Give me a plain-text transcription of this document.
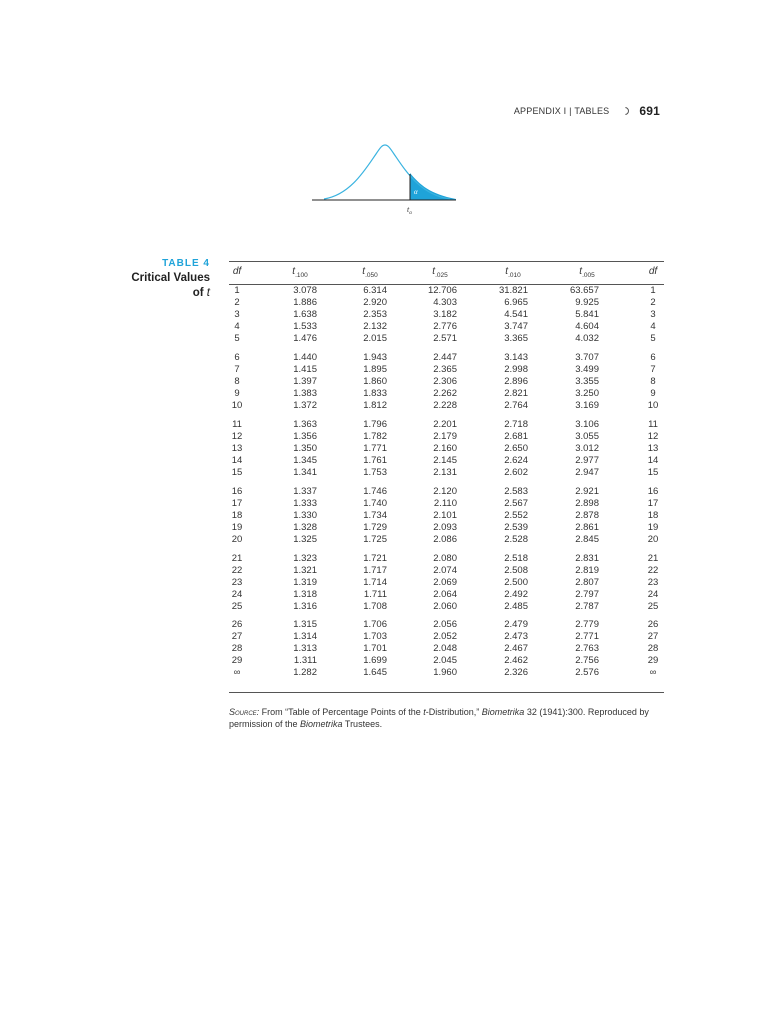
APPENDIX I | TABLES	691
α
$t_\alpha$
TABLE 4
Critical Values
of t
df	$t_{.100}$	$t_{.050}$	$t_{.025}$	$t_{.010}$	$t_{.005}$	df
1	3.078	6.314	12.706	31.821	63.657	1
2	1.886	2.920	4.303	6.965	9.925	2
3	1.638	2.353	3.182	4.541	5.841	3
4	1.533	2.132	2.776	3.747	4.604	4
5	1.476	2.015	2.571	3.365	4.032	5
6	1.440	1.943	2.447	3.143	3.707	6
7	1.415	1.895	2.365	2.998	3.499	7
8	1.397	1.860	2.306	2.896	3.355	8
9	1.383	1.833	2.262	2.821	3.250	9
10	1.372	1.812	2.228	2.764	3.169	10
11	1.363	1.796	2.201	2.718	3.106	11
12	1.356	1.782	2.179	2.681	3.055	12
13	1.350	1.771	2.160	2.650	3.012	13
14	1.345	1.761	2.145	2.624	2.977	14
15	1.341	1.753	2.131	2.602	2.947	15
16	1.337	1.746	2.120	2.583	2.921	16
17	1.333	1.740	2.110	2.567	2.898	17
18	1.330	1.734	2.101	2.552	2.878	18
19	1.328	1.729	2.093	2.539	2.861	19
20	1.325	1.725	2.086	2.528	2.845	20
21	1.323	1.721	2.080	2.518	2.831	21
22	1.321	1.717	2.074	2.508	2.819	22
23	1.319	1.714	2.069	2.500	2.807	23
24	1.318	1.711	2.064	2.492	2.797	24
25	1.316	1.708	2.060	2.485	2.787	25
26	1.315	1.706	2.056	2.479	2.779	26
27	1.314	1.703	2.052	2.473	2.771	27
28	1.313	1.701	2.048	2.467	2.763	28
29	1.311	1.699	2.045	2.462	2.756	29
∞	1.282	1.645	1.960	2.326	2.576	∞
Source: From “Table of Percentage Points of the t-Distribution,” Biometrika 32 (1941):300. Reproduced by permission of the Biometrika Trustees.
